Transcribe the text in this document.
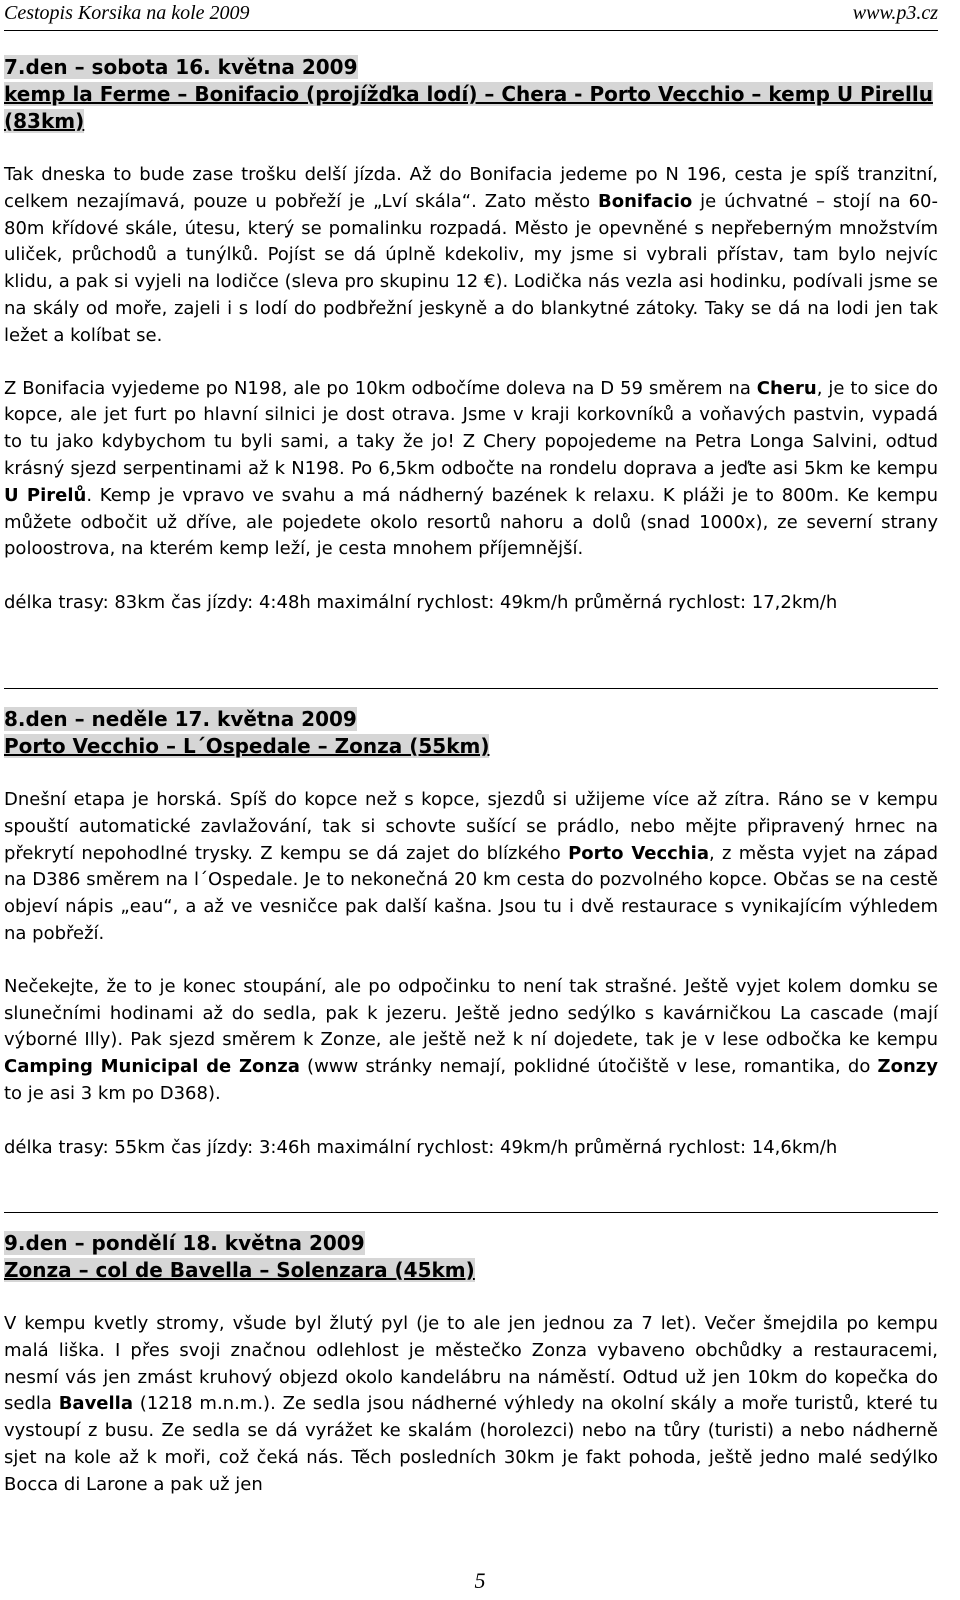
Cestopis Korsika na kole 2009	www.p3.cz
7.den – sobota 16. května 2009
kemp la Ferme – Bonifacio (projížďka lodí) – Chera - Porto Vecchio – kemp U Pirellu (83km)

Tak dneska to bude zase trošku delší jízda. Až do Bonifacia jedeme po N 196, cesta je spíš tranzitní, celkem nezajímavá, pouze u pobřeží je „Lví skála“. Zato město Bonifacio je úchvatné – stojí na 60-80m křídové skále, útesu, který se pomalinku rozpadá. Město je opevněné s nepřeberným množstvím uliček, průchodů a tunýlků. Pojíst se dá úplně kdekoliv, my jsme si vybrali přístav, tam bylo nejvíc klidu, a pak si vyjeli na lodičce (sleva pro skupinu 12 €). Lodička nás vezla asi hodinku, podívali jsme se na skály od moře, zajeli i s lodí do podbřežní jeskyně a do blankytné zátoky. Taky se dá na lodi jen tak ležet a kolíbat se.

Z Bonifacia vyjedeme po N198, ale po 10km odbočíme doleva na D 59 směrem na Cheru, je to sice do kopce, ale jet furt po hlavní silnici je dost otrava. Jsme v kraji korkovníků a voňavých pastvin, vypadá to tu jako kdybychom tu byli sami, a taky že jo! Z Chery popojedeme na Petra Longa Salvini, odtud krásný sjezd serpentinami až k N198. Po 6,5km odbočte na rondelu doprava a jeďte asi 5km ke kempu U Pirelů. Kemp je vpravo ve svahu a má nádherný bazének k relaxu. K pláži je to 800m. Ke kempu můžete odbočit už dříve, ale pojedete okolo resortů nahoru a dolů (snad 1000x), ze severní strany poloostrova, na kterém kemp leží, je cesta mnohem příjemnější.

délka trasy: 83km čas jízdy: 4:48h maximální rychlost: 49km/h průměrná rychlost: 17,2km/h
8.den – neděle 17. května 2009
Porto Vecchio – L´Ospedale – Zonza (55km)

Dnešní etapa je horská. Spíš do kopce než s kopce, sjezdů si užijeme více až zítra. Ráno se v kempu spouští automatické zavlažování, tak si schovte sušící se prádlo, nebo mějte připravený hrnec na překrytí nepohodlné trysky. Z kempu se dá zajet do blízkého Porto Vecchia, z města vyjet na západ na D386 směrem na l´Ospedale. Je to nekonečná 20 km cesta do pozvolného kopce. Občas se na cestě objeví nápis „eau“, a až ve vesničce pak další kašna. Jsou tu i dvě restaurace s vynikajícím výhledem na pobřeží.

Nečekejte, že to je konec stoupání, ale po odpočinku to není tak strašné. Ještě vyjet kolem domku se slunečními hodinami až do sedla, pak k jezeru. Ještě jedno sedýlko s kavárničkou La cascade (mají výborné Illy). Pak sjezd směrem k Zonze, ale ještě než k ní dojedete, tak je v lese odbočka ke kempu Camping Municipal de Zonza (www stránky nemají, poklidné útočiště v lese, romantika, do Zonzy to je asi 3 km po D368).

délka trasy: 55km čas jízdy: 3:46h maximální rychlost: 49km/h průměrná rychlost: 14,6km/h
9.den – pondělí 18. května 2009
Zonza – col de Bavella – Solenzara (45km)

V kempu kvetly stromy, všude byl žlutý pyl (je to ale jen jednou za 7 let). Večer šmejdila po kempu malá liška. I přes svoji značnou odlehlost je městečko Zonza vybaveno obchůdky a restauracemi, nesmí vás jen zmást kruhový objezd okolo kandelábru na náměstí. Odtud už jen 10km do kopečka do sedla Bavella (1218 m.n.m.). Ze sedla jsou nádherné výhledy na okolní skály a moře turistů, které tu vystoupí z busu. Ze sedla se dá vyrážet ke skalám (horolezci) nebo na tůry (turisti) a nebo nádherně sjet na kole až k moři, což čeká nás. Těch posledních 30km je fakt pohoda, ještě jedno malé sedýlko Bocca di Larone a pak už jen

5
